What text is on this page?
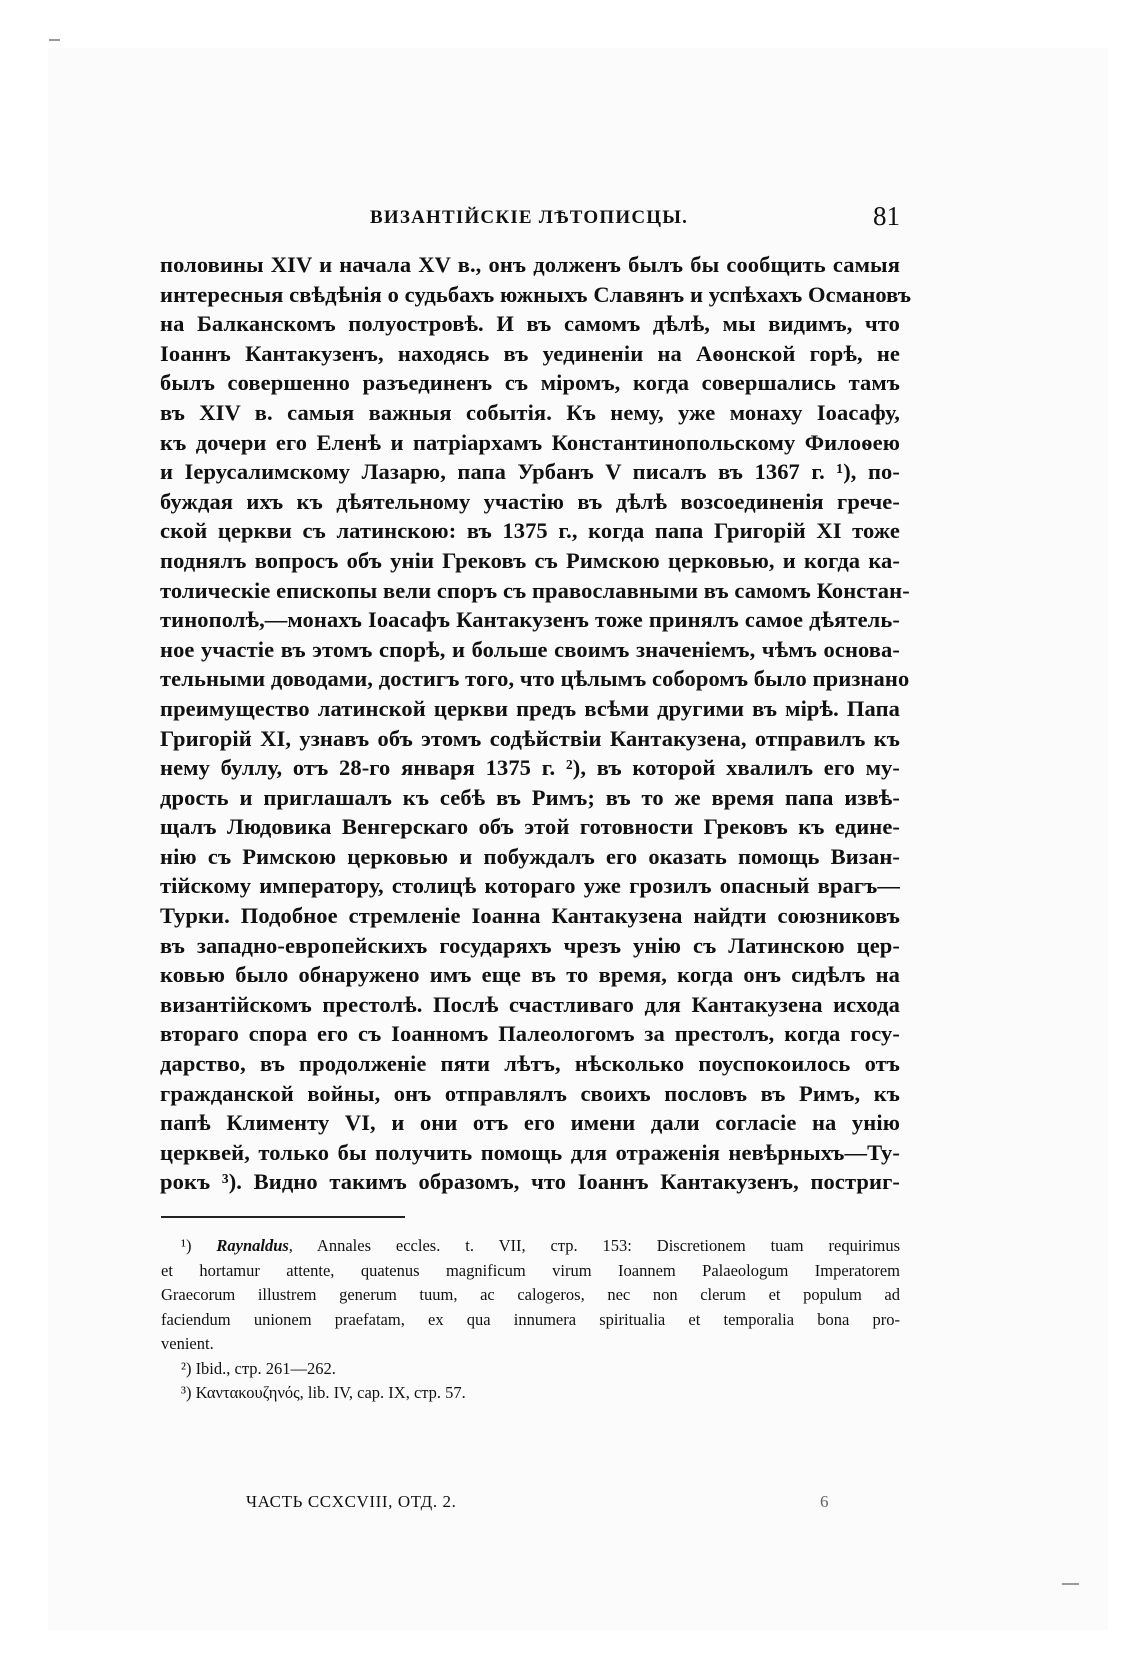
ВИЗАНТІЙСКІЕ ЛѢТОПИСЦЫ.	81
половины XIV и начала XV в., онъ долженъ былъ бы сообщить самыя
интересныя свѣдѣнія о судьбахъ южныхъ Славянъ и успѣхахъ Османовъ
на Балканскомъ полуостровѣ. И въ самомъ дѣлѣ, мы видимъ, что
Іоаннъ Кантакузенъ, находясь въ уединеніи на Аѳонской горѣ, не
былъ совершенно разъединенъ съ міромъ, когда совершались тамъ
въ XIV в. самыя важныя событія. Къ нему, уже монаху Іоасафу,
къ дочери его Еленѣ и патріархамъ Константинопольскому Филоѳею
и Іерусалимскому Лазарю, папа Урбанъ V писалъ въ 1367 г. ¹), по-
буждая ихъ къ дѣятельному участію въ дѣлѣ возсоединенія грече-
ской церкви съ латинскою: въ 1375 г., когда папа Григорій XI тоже
поднялъ вопросъ объ уніи Грековъ съ Римскою церковью, и когда ка-
толическіе епископы вели споръ съ православными въ самомъ Констан-
тинополѣ,—монахъ Іоасафъ Кантакузенъ тоже принялъ самое дѣятель-
ное участіе въ этомъ спорѣ, и больше своимъ значеніемъ, чѣмъ основа-
тельными доводами, достигъ того, что цѣлымъ соборомъ было признано
преимущество латинской церкви предъ всѣми другими въ мірѣ. Папа
Григорій XI, узнавъ объ этомъ содѣйствіи Кантакузена, отправилъ къ
нему буллу, отъ 28-го января 1375 г. ²), въ которой хвалилъ его му-
дрость и приглашалъ къ себѣ въ Римъ; въ то же время папа извѣ-
щалъ Людовика Венгерскаго объ этой готовности Грековъ къ едине-
нію съ Римскою церковью и побуждалъ его оказать помощь Визан-
тійскому императору, столицѣ котораго уже грозилъ опасный врагъ—
Турки. Подобное стремленіе Іоанна Кантакузена найдти союзниковъ
въ западно-европейскихъ государяхъ чрезъ унію съ Латинскою цер-
ковью было обнаружено имъ еще въ то время, когда онъ сидѣлъ на
византійскомъ престолѣ. Послѣ счастливаго для Кантакузена исхода
втораго спора его съ Іоанномъ Палеологомъ за престолъ, когда госу-
дарство, въ продолженіе пяти лѣтъ, нѣсколько поуспокоилось отъ
гражданской войны, онъ отправлялъ своихъ пословъ въ Римъ, къ
папѣ Клименту VI, и они отъ его имени дали согласіе на унію
церквей, только бы получить помощь для отраженія невѣрныхъ—Ту-
рокъ ³). Видно такимъ образомъ, что Іоаннъ Кантакузенъ, постриг-
¹) Raynaldus, Annales eccles. t. VII, стр. 153: Discretionem tuam requirimus
et hortamur attente, quatenus magnificum virum Ioannem Palaeologum Imperatorem
Graecorum illustrem generum tuum, ac calogeros, nec non clerum et populum ad
faciendum unionem praefatam, ex qua innumera spiritualia et temporalia bona pro-
venient.
²) Ibid., стр. 261—262.
³) Καντακουζηνός, lib. IV, cap. IX, стр. 57.
ЧАСТЬ CCXCVIII, ОТД. 2.	6
